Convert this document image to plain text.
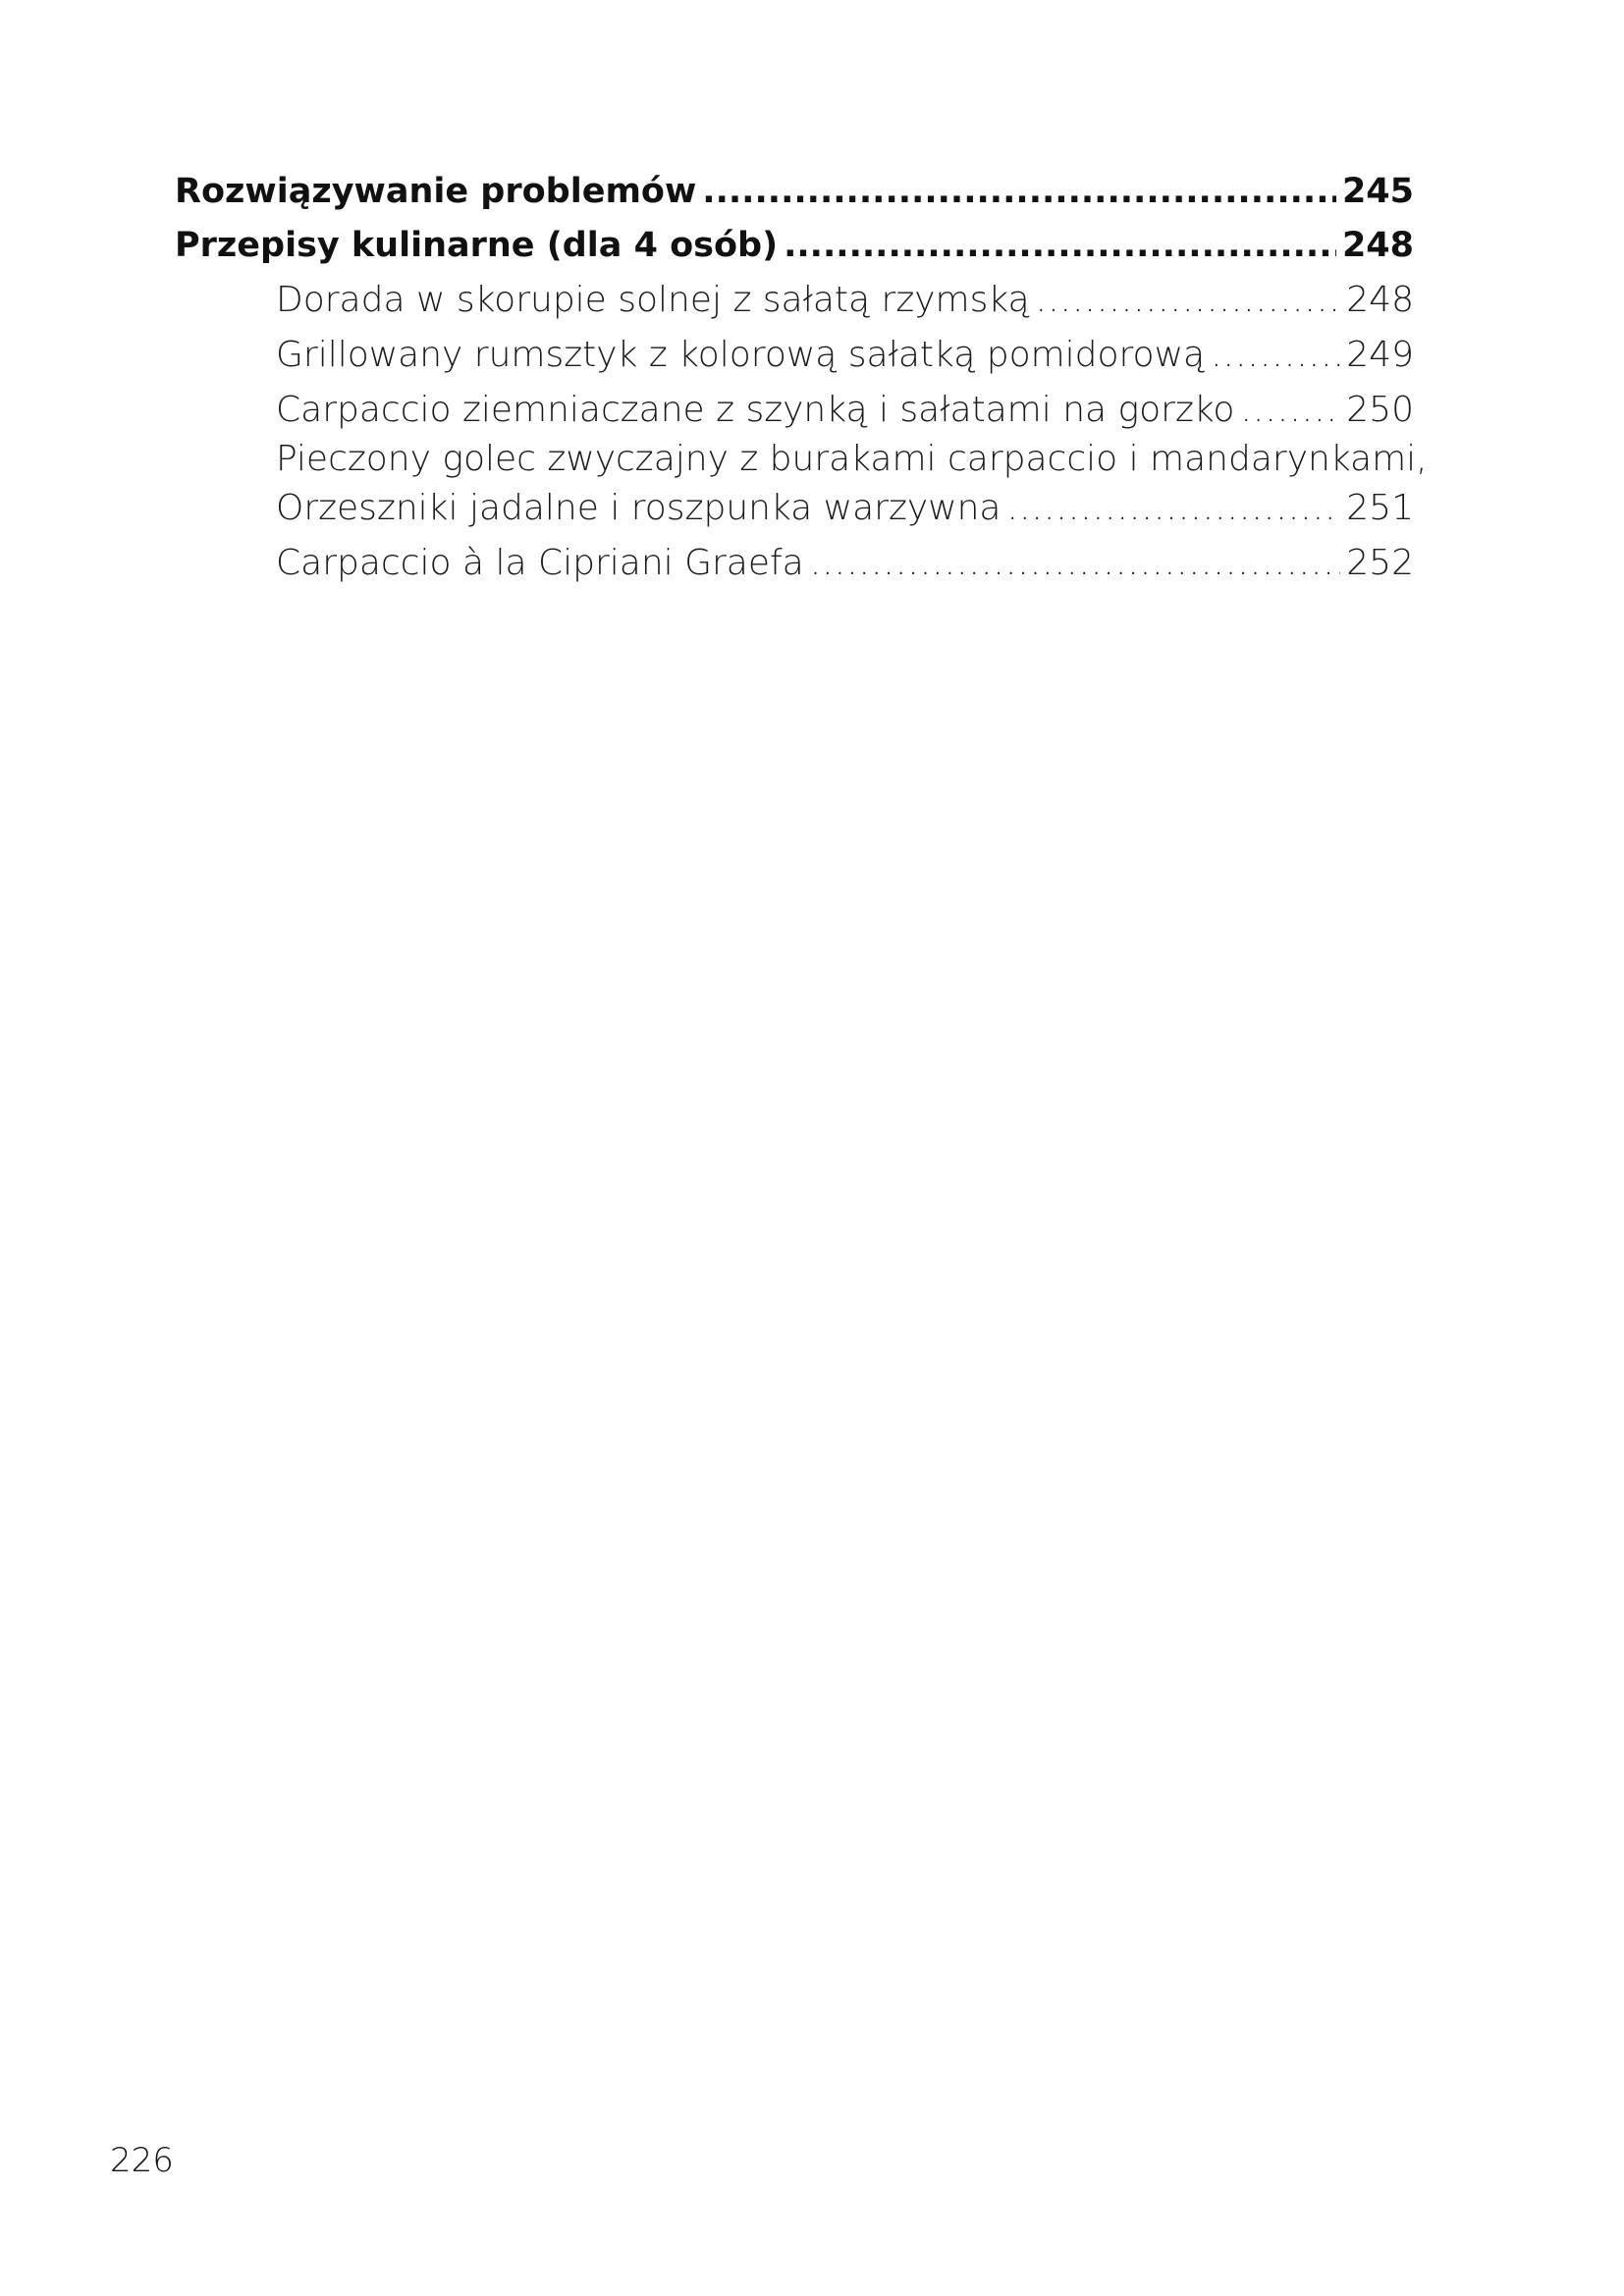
Rozwiązywanie problemów .....	245
Przepisy kulinarne (dla 4 osób) .....	248
Dorada w skorupie solnej z sałatą rzymską .....	248
Grillowany rumsztyk z kolorową sałatką pomidorową .....	249
Carpaccio ziemniaczane z szynką i sałatami na gorzko .....	250
Pieczony golec zwyczajny z burakami carpaccio i mandarynkami,
Orzeszniki jadalne i roszpunka warzywna .....	251
Carpaccio à la Cipriani Graefa .....	252
226
